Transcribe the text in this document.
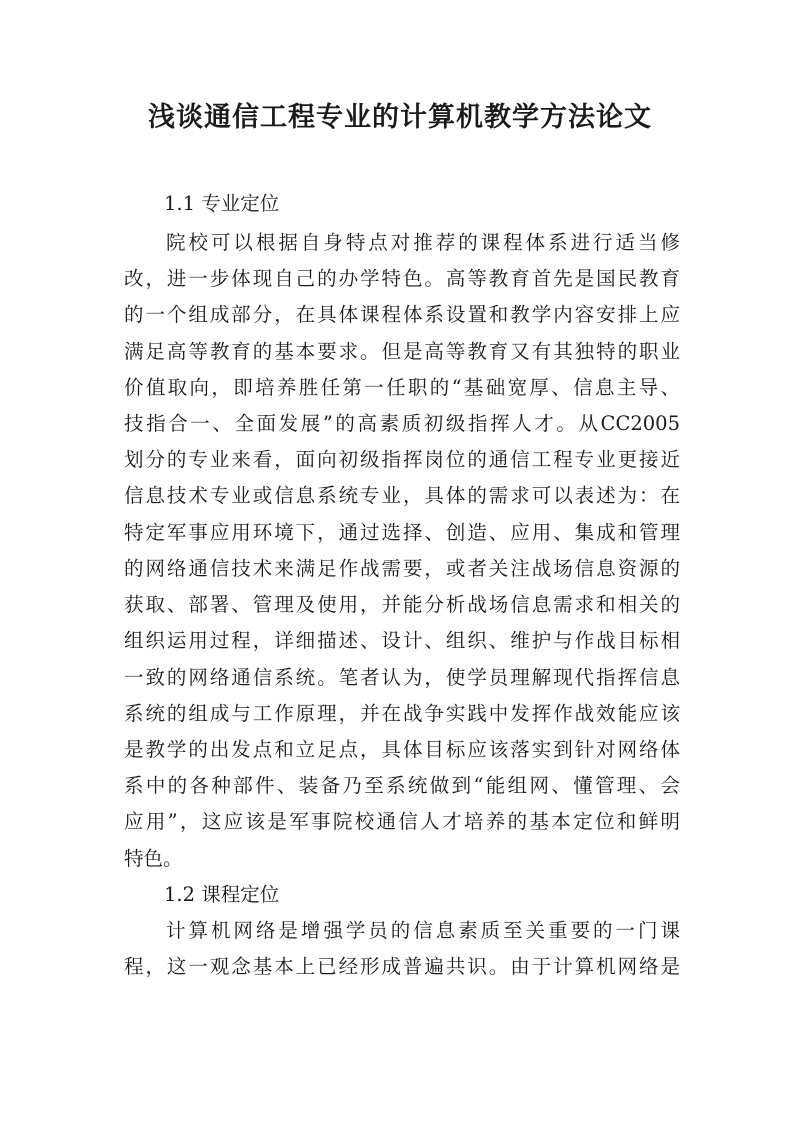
浅谈通信工程专业的计算机教学方法论文
1.1 专业定位
院校可以根据自身特点对推荐的课程体系进行适当修
改，进一步体现自己的办学特色。高等教育首先是国民教育
的一个组成部分，在具体课程体系设置和教学内容安排上应
满足高等教育的基本要求。但是高等教育又有其独特的职业
价值取向，即培养胜任第一任职的“基础宽厚、信息主导、
技指合一、全面发展”的高素质初级指挥人才。从CC2005
划分的专业来看，面向初级指挥岗位的通信工程专业更接近
信息技术专业或信息系统专业，具体的需求可以表述为：在
特定军事应用环境下，通过选择、创造、应用、集成和管理
的网络通信技术来满足作战需要，或者关注战场信息资源的
获取、部署、管理及使用，并能分析战场信息需求和相关的
组织运用过程，详细描述、设计、组织、维护与作战目标相
一致的网络通信系统。笔者认为，使学员理解现代指挥信息
系统的组成与工作原理，并在战争实践中发挥作战效能应该
是教学的出发点和立足点，具体目标应该落实到针对网络体
系中的各种部件、装备乃至系统做到“能组网、懂管理、会
应用”，这应该是军事院校通信人才培养的基本定位和鲜明
特色。
1.2 课程定位
计算机网络是增强学员的信息素质至关重要的一门课
程，这一观念基本上已经形成普遍共识。由于计算机网络是
